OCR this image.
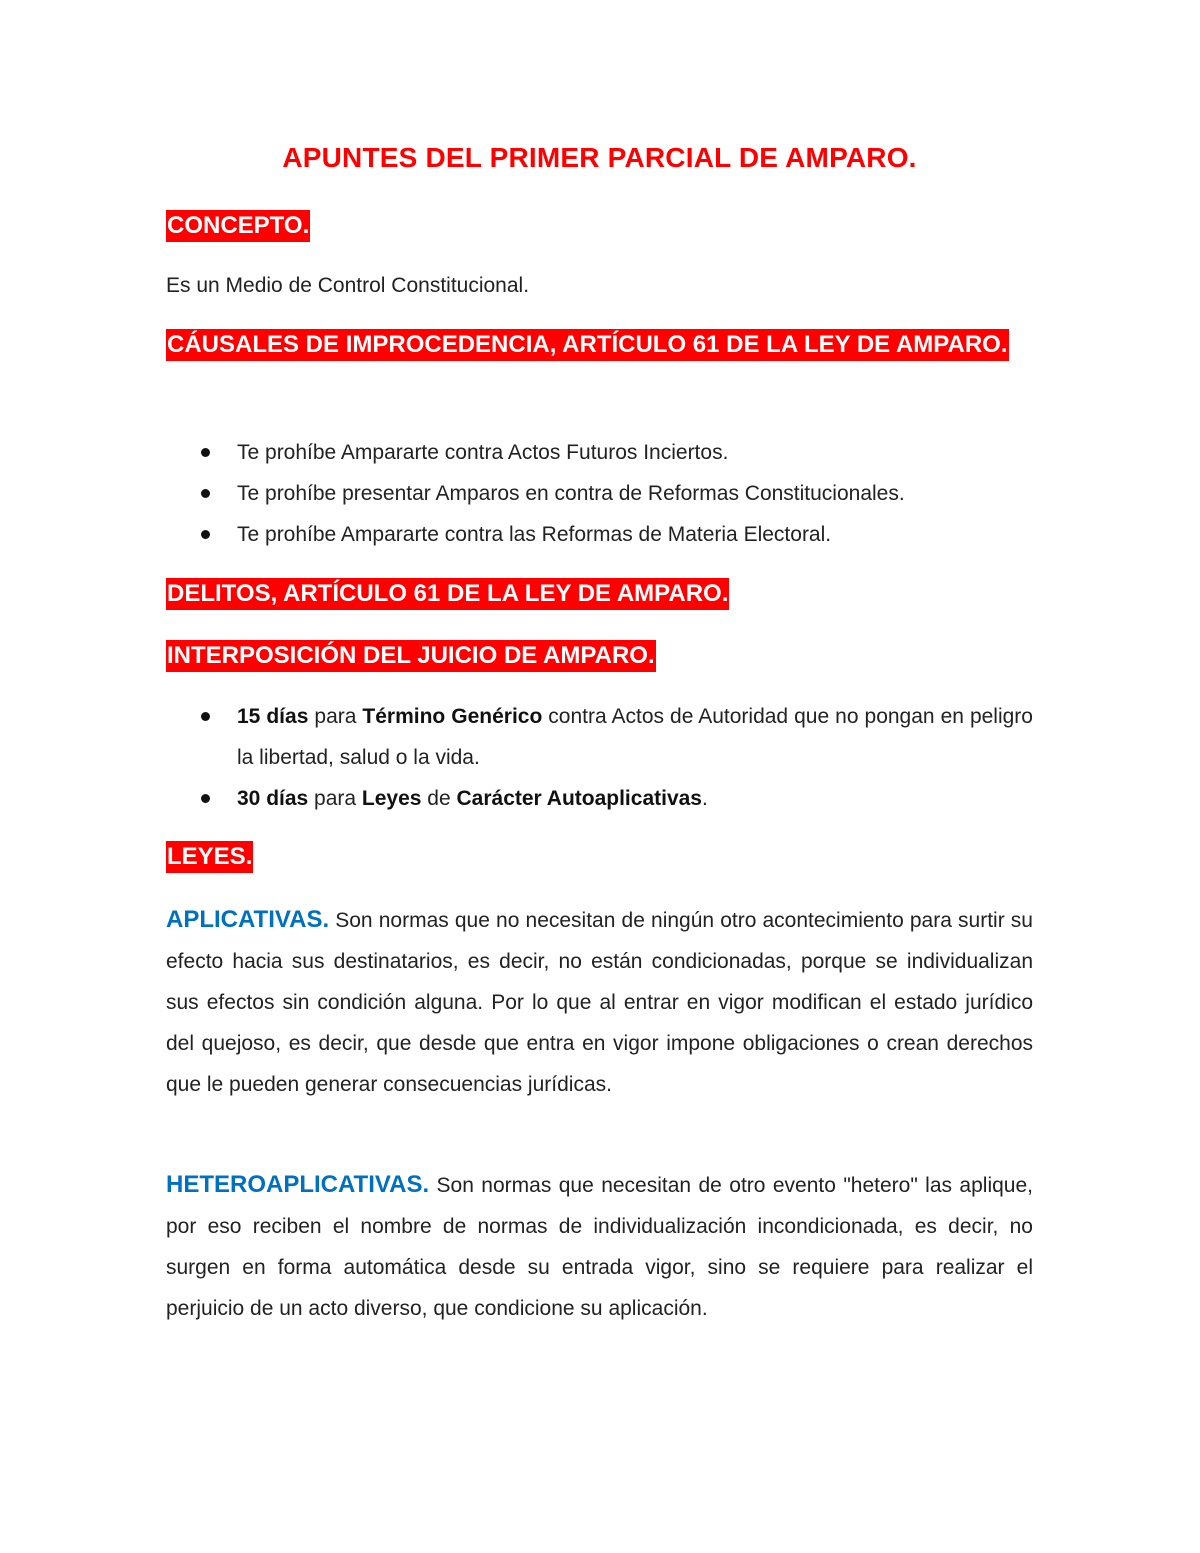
APUNTES DEL PRIMER PARCIAL DE AMPARO.
CONCEPTO.

Es un Medio de Control Constitucional.

CÁUSALES DE IMPROCEDENCIA, ARTÍCULO 61 DE LA LEY DE AMPARO.
Te prohíbe Ampararte contra Actos Futuros Inciertos.
Te prohíbe presentar Amparos en contra de Reformas Constitucionales.
Te prohíbe Ampararte contra las Reformas de Materia Electoral.
DELITOS, ARTÍCULO 61 DE LA LEY DE AMPARO.
INTERPOSICIÓN DEL JUICIO DE AMPARO.
15 días para Término Genérico contra Actos de Autoridad que no pongan en peligro la libertad, salud o la vida.
30 días para Leyes de Carácter Autoaplicativas.
LEYES.

APLICATIVAS. Son normas que no necesitan de ningún otro acontecimiento para surtir su efecto hacia sus destinatarios, es decir, no están condicionadas, porque se individualizan sus efectos sin condición alguna. Por lo que al entrar en vigor modifican el estado jurídico del quejoso, es decir, que desde que entra en vigor impone obligaciones o crean derechos que le pueden generar consecuencias jurídicas.

HETEROAPLICATIVAS. Son normas que necesitan de otro evento "hetero" las aplique, por eso reciben el nombre de normas de individualización incondicionada, es decir, no surgen en forma automática desde su entrada vigor, sino se requiere para realizar el perjuicio de un acto diverso, que condicione su aplicación.
